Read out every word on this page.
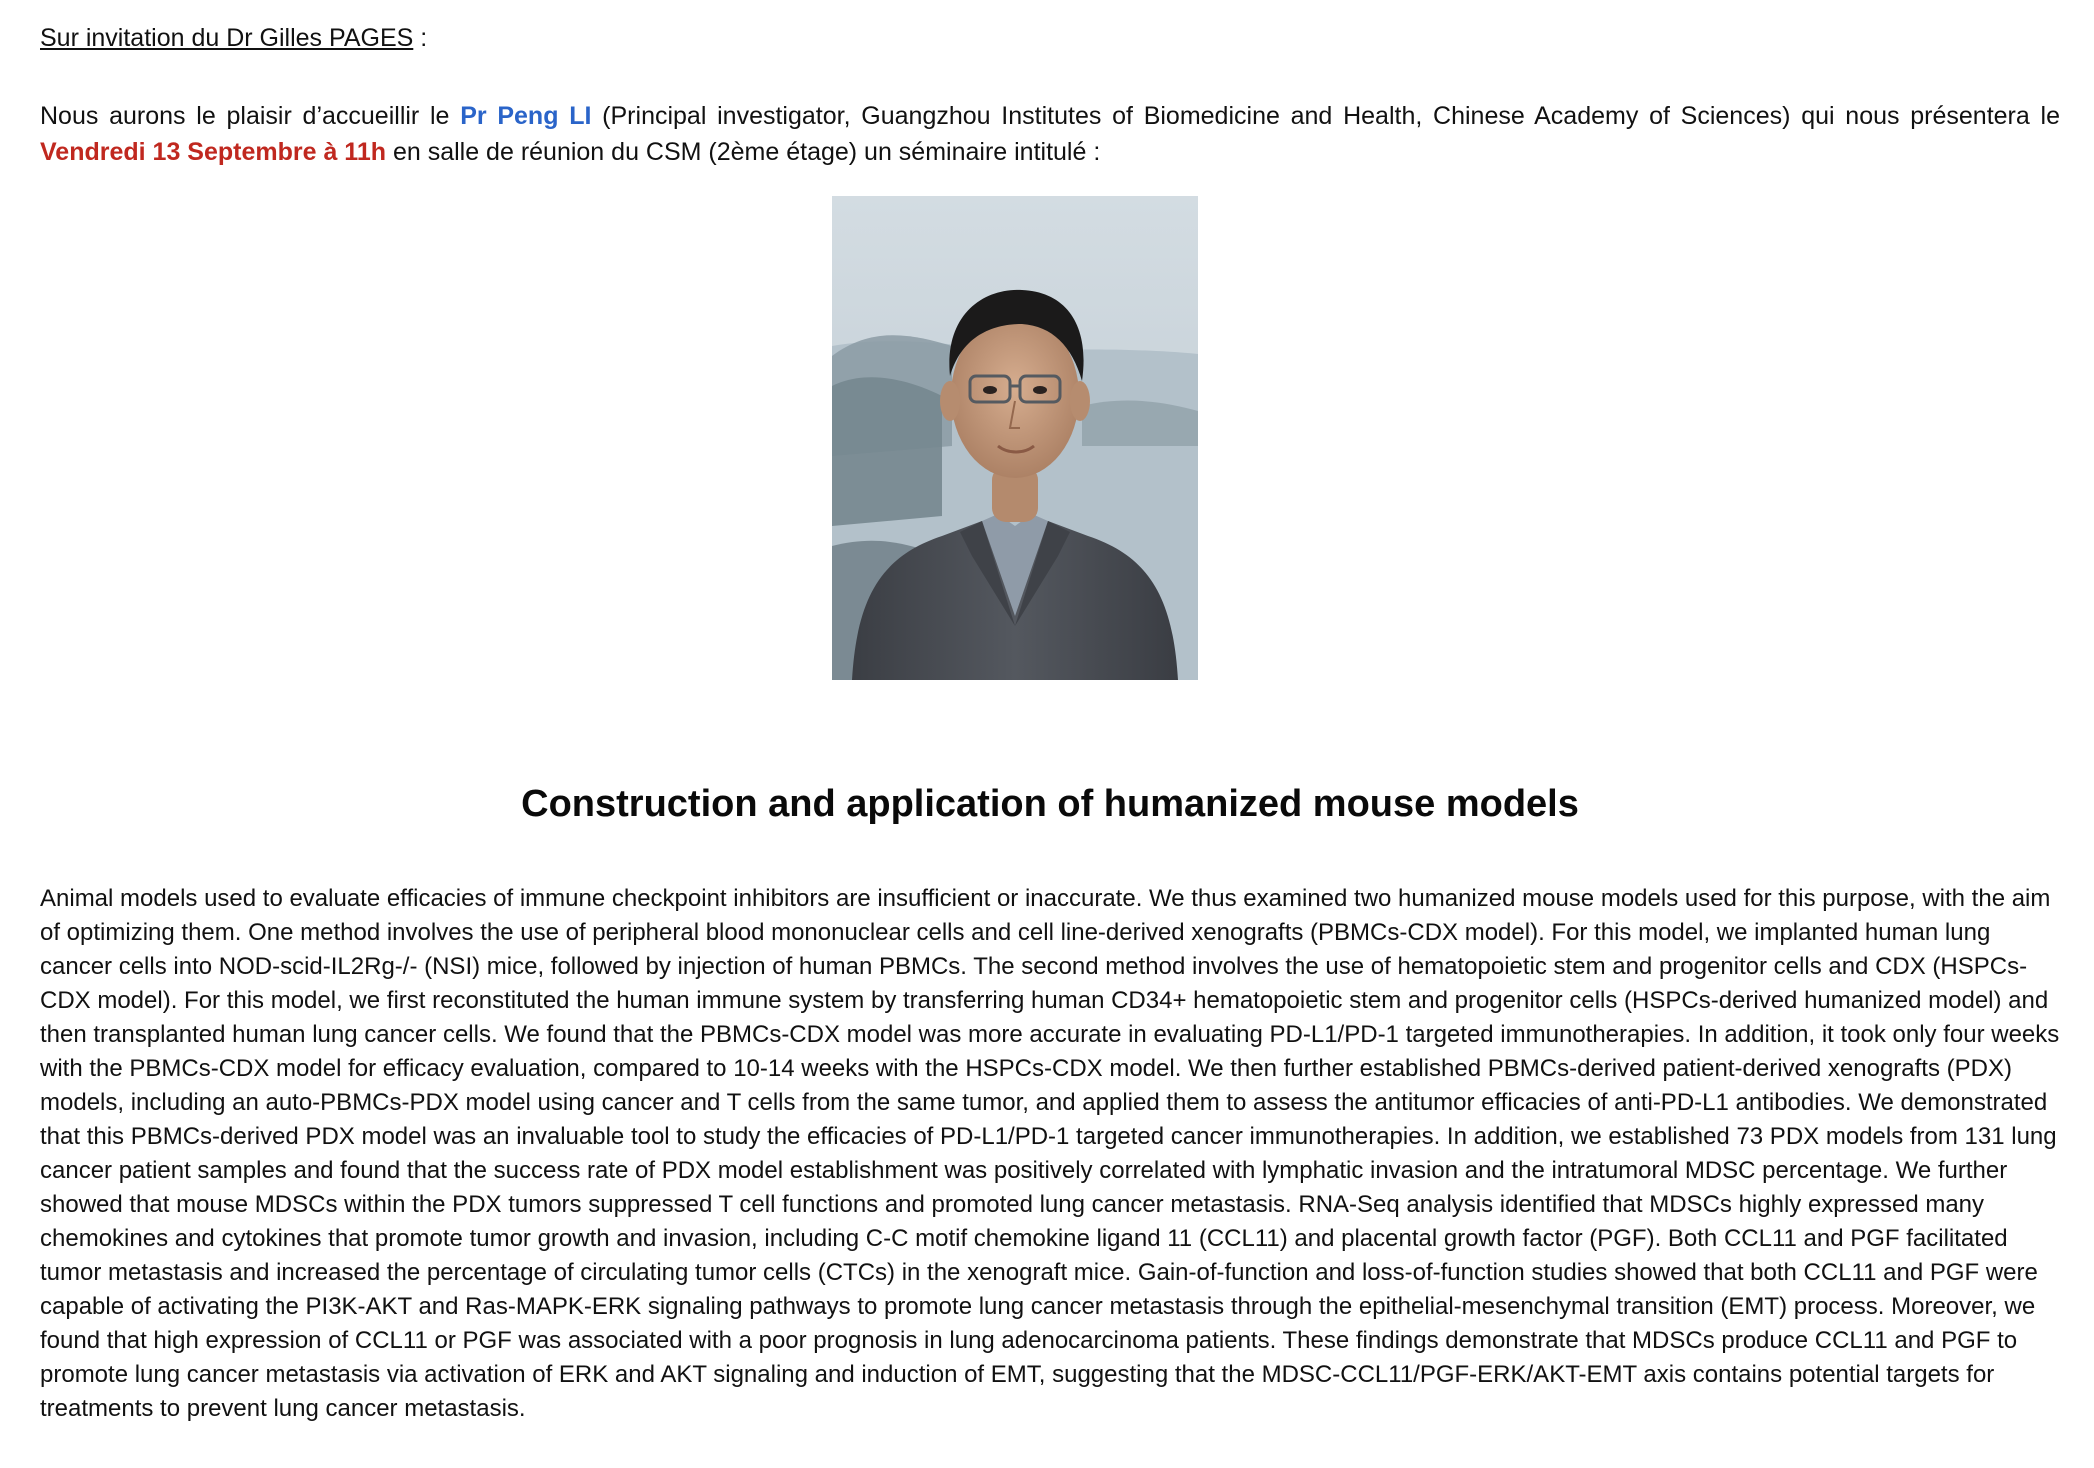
Sur invitation du Dr Gilles PAGES :

Nous aurons le plaisir d’accueillir le Pr Peng LI (Principal investigator, Guangzhou Institutes of Biomedicine and Health, Chinese Academy of Sciences) qui nous présentera le Vendredi 13 Septembre à 11h en salle de réunion du CSM (2ème étage) un séminaire intitulé :

Construction and application of humanized mouse models

Animal models used to evaluate efficacies of immune checkpoint inhibitors are insufficient or inaccurate. We thus examined two humanized mouse models used for this purpose, with the aim of optimizing them. One method involves the use of peripheral blood mononuclear cells and cell line-derived xenografts (PBMCs-CDX model). For this model, we implanted human lung cancer cells into NOD-scid-IL2Rg-/- (NSI) mice, followed by injection of human PBMCs. The second method involves the use of hematopoietic stem and progenitor cells and CDX (HSPCs-CDX model). For this model, we first reconstituted the human immune system by transferring human CD34+ hematopoietic stem and progenitor cells (HSPCs-derived humanized model) and then transplanted human lung cancer cells. We found that the PBMCs-CDX model was more accurate in evaluating PD-L1/PD-1 targeted immunotherapies. In addition, it took only four weeks with the PBMCs-CDX model for efficacy evaluation, compared to 10-14 weeks with the HSPCs-CDX model. We then further established PBMCs-derived patient-derived xenografts (PDX) models, including an auto-PBMCs-PDX model using cancer and T cells from the same tumor, and applied them to assess the antitumor efficacies of anti-PD-L1 antibodies. We demonstrated that this PBMCs-derived PDX model was an invaluable tool to study the efficacies of PD-L1/PD-1 targeted cancer immunotherapies. In addition, we established 73 PDX models from 131 lung cancer patient samples and found that the success rate of PDX model establishment was positively correlated with lymphatic invasion and the intratumoral MDSC percentage. We further showed that mouse MDSCs within the PDX tumors suppressed T cell functions and promoted lung cancer metastasis. RNA-Seq analysis identified that MDSCs highly expressed many chemokines and cytokines that promote tumor growth and invasion, including C-C motif chemokine ligand 11 (CCL11) and placental growth factor (PGF). Both CCL11 and PGF facilitated tumor metastasis and increased the percentage of circulating tumor cells (CTCs) in the xenograft mice. Gain-of-function and loss-of-function studies showed that both CCL11 and PGF were capable of activating the PI3K-AKT and Ras-MAPK-ERK signaling pathways to promote lung cancer metastasis through the epithelial-mesenchymal transition (EMT) process. Moreover, we found that high expression of CCL11 or PGF was associated with a poor prognosis in lung adenocarcinoma patients. These findings demonstrate that MDSCs produce CCL11 and PGF to promote lung cancer metastasis via activation of ERK and AKT signaling and induction of EMT, suggesting that the MDSC-CCL11/PGF-ERK/AKT-EMT axis contains potential targets for treatments to prevent lung cancer metastasis.
